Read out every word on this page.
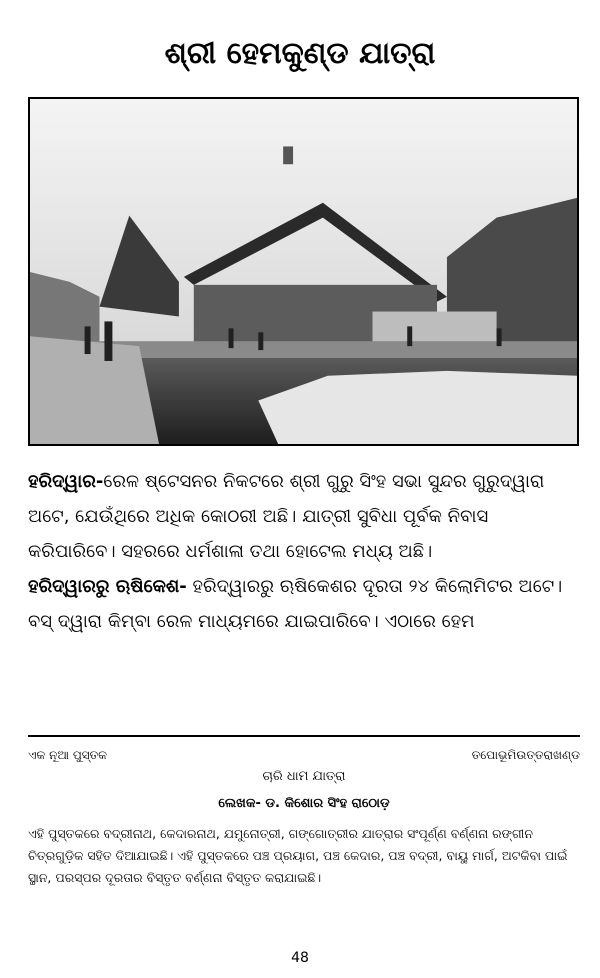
ଶ୍ରୀ ହେମକୁଣ୍ଡ ଯାତ୍ରା

ହରିଦ୍ୱାର-ରେଳ ଷ୍ଟେସନର ନିକଟରେ ଶ୍ରୀ ଗୁରୁ ସିଂହ ସଭା ସୁନ୍ଦର ଗୁରୁଦ୍ୱାରା ଅଟେ, ଯେଉଁଥିରେ ଅଧିକ କୋଠରୀ ଅଛି। ଯାତ୍ରୀ ସୁବିଧା ପୂର୍ବକ ନିବାସ କରିପାରିବେ। ସହରରେ ଧର୍ମଶାଳା ତଥା ହୋଟେଲ ମଧ୍ୟ ଅଛି।

ହରିଦ୍ୱାରରୁ ଋଷିକେଶ- ହରିଦ୍ୱାରରୁ ଋଷିକେଶର ଦୂରତା ୨୪ କିଲୋମିଟର ଅଟେ। ବସ୍ ଦ୍ୱାରା କିମ୍ବା ରେଳ ମାଧ୍ୟମରେ ଯାଇପାରିବେ। ଏଠାରେ ହେମ

ଏକ ନୂଆ ପୁସ୍ତକ	ତପୋଭୂମିଉତ୍ତରାଖଣ୍ଡ
ଚାରି ଧାମ ଯାତ୍ରା
ଲେଖକ- ଡ. କିଶୋର ସିଂହ ରାଠୋଡ଼
ଏହି ପୁସ୍ତକରେ ବଦ୍ରୀନାଥ, କେଦାରନାଥ, ଯମୁନୋତ୍ରୀ, ଗଙ୍ଗୋତ୍ରୀର ଯାତ୍ରାର ସଂପୂର୍ଣ୍ଣ ବର୍ଣ୍ଣନା ରଙ୍ଗୀନ ଚିତ୍ରଗୁଡ଼ିକ ସହିତ ଦିଆଯାଇଛି। ଏହି ପୁସ୍ତକରେ ପଞ୍ଚ ପ୍ରୟାଗ, ପଞ୍ଚ କେଦାର, ପଞ୍ଚ ବଦ୍ରୀ, ବାୟୁ ମାର୍ଗ, ଅଟକିବା ପାଇଁ ସ୍ଥାନ, ପରସ୍ପର ଦୂରତାର ବିସ୍ତୃତ ବର୍ଣ୍ଣନା ବିସ୍ତୃତ କରାଯାଇଛି।
48
